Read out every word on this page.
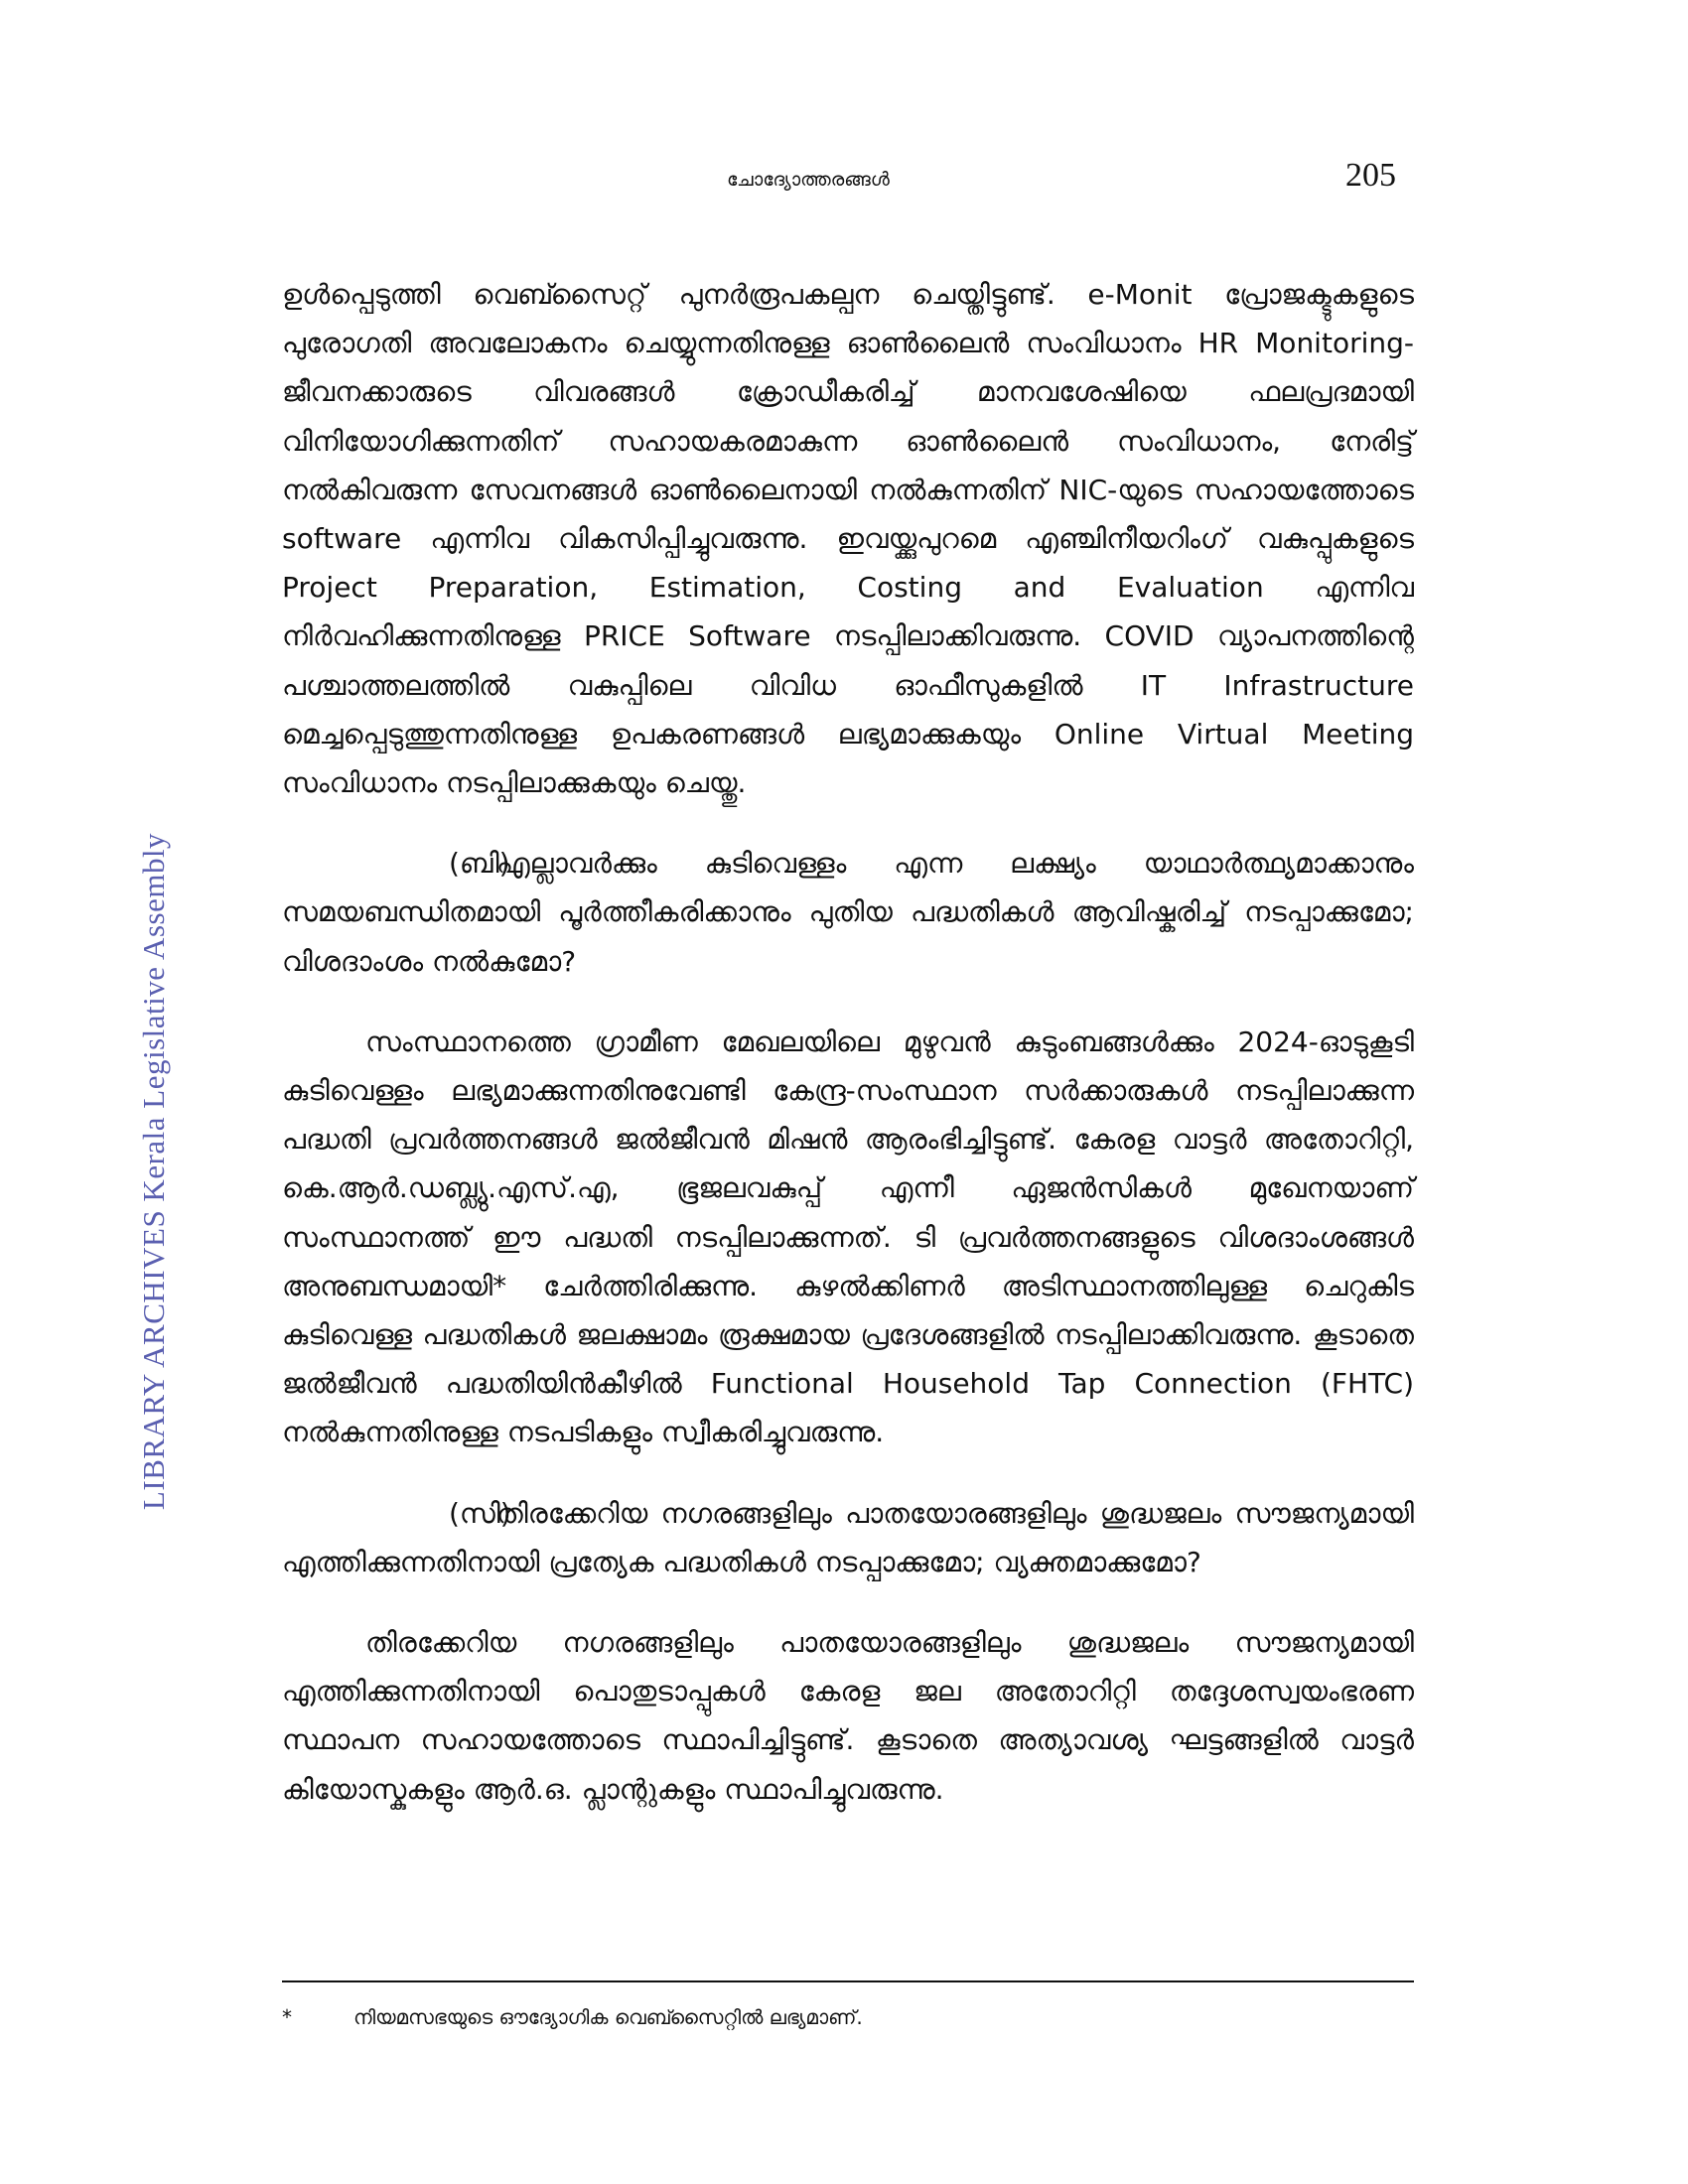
LIBRARY ARCHIVES Kerala Legislative Assembly
ചോദ്യോത്തരങ്ങൾ	205

ഉൾപ്പെടുത്തി വെബ്സൈറ്റ് പുനർരൂപകല്പന ചെയ്തിട്ടുണ്ട്. e-Monit പ്രോജക്ടുകളുടെ പുരോഗതി അവലോകനം ചെയ്യുന്നതിനുള്ള ഓൺലൈൻ സംവിധാനം HR Monitoring- ജീവനക്കാരുടെ വിവരങ്ങൾ ക്രോഡീകരിച്ച് മാനവശേഷിയെ ഫലപ്രദമായി വിനിയോഗിക്കുന്നതിന് സഹായകരമാകുന്ന ഓൺലൈൻ സംവിധാനം, നേരിട്ട് നൽകിവരുന്ന സേവനങ്ങൾ ഓൺലൈനായി നൽകുന്നതിന് NIC-യുടെ സഹായത്തോടെ software എന്നിവ വികസിപ്പിച്ചുവരുന്നു. ഇവയ്ക്കുപുറമെ എഞ്ചിനീയറിംഗ് വകുപ്പുകളുടെ Project Preparation, Estimation, Costing and Evaluation എന്നിവ നിർവഹിക്കുന്നതിനുള്ള PRICE Software നടപ്പിലാക്കിവരുന്നു. COVID വ്യാപനത്തിന്റെ പശ്ചാത്തലത്തിൽ വകുപ്പിലെ വിവിധ ഓഫീസുകളിൽ IT Infrastructure മെച്ചപ്പെടുത്തുന്നതിനുള്ള ഉപകരണങ്ങൾ ലഭ്യമാക്കുകയും Online Virtual Meeting സംവിധാനം നടപ്പിലാക്കുകയും ചെയ്തു.

(ബി)എല്ലാവർക്കും കുടിവെള്ളം എന്ന ലക്ഷ്യം യാഥാർത്ഥ്യമാക്കാനും സമയബന്ധിതമായി പൂർത്തീകരിക്കാനും പുതിയ പദ്ധതികൾ ആവിഷ്കരിച്ച് നടപ്പാക്കുമോ; വിശദാംശം നൽകുമോ?

സംസ്ഥാനത്തെ ഗ്രാമീണ മേഖലയിലെ മുഴുവൻ കുടുംബങ്ങൾക്കും 2024-ഓടുകൂടി കുടിവെള്ളം ലഭ്യമാക്കുന്നതിനുവേണ്ടി കേന്ദ്ര-സംസ്ഥാന സർക്കാരുകൾ നടപ്പിലാക്കുന്ന പദ്ധതി പ്രവർത്തനങ്ങൾ ജൽജീവൻ മിഷൻ ആരംഭിച്ചിട്ടുണ്ട്. കേരള വാട്ടർ അതോറിറ്റി, കെ.ആർ.ഡബ്ല്യു.എസ്.എ, ഭൂജലവകുപ്പ് എന്നീ ഏജൻസികൾ മുഖേനയാണ് സംസ്ഥാനത്ത് ഈ പദ്ധതി നടപ്പിലാക്കുന്നത്. ടി പ്രവർത്തനങ്ങളുടെ വിശദാംശങ്ങൾ അനുബന്ധമായി* ചേർത്തിരിക്കുന്നു. കുഴൽക്കിണർ അടിസ്ഥാനത്തിലുള്ള ചെറുകിട കുടിവെള്ള പദ്ധതികൾ ജലക്ഷാമം രൂക്ഷമായ പ്രദേശങ്ങളിൽ നടപ്പിലാക്കിവരുന്നു. കൂടാതെ ജൽജീവൻ പദ്ധതിയിൻകീഴിൽ Functional Household Tap Connection (FHTC) നൽകുന്നതിനുള്ള നടപടികളും സ്വീകരിച്ചുവരുന്നു.

(സി)തിരക്കേറിയ നഗരങ്ങളിലും പാതയോരങ്ങളിലും ശുദ്ധജലം സൗജന്യമായി എത്തിക്കുന്നതിനായി പ്രത്യേക പദ്ധതികൾ നടപ്പാക്കുമോ; വ്യക്തമാക്കുമോ?

തിരക്കേറിയ നഗരങ്ങളിലും പാതയോരങ്ങളിലും ശുദ്ധജലം സൗജന്യമായി എത്തിക്കുന്നതിനായി പൊതുടാപ്പുകൾ കേരള ജല അതോറിറ്റി തദ്ദേശസ്വയംഭരണ സ്ഥാപന സഹായത്തോടെ സ്ഥാപിച്ചിട്ടുണ്ട്. കൂടാതെ അത്യാവശ്യ ഘട്ടങ്ങളിൽ വാട്ടർ കിയോസ്കുകളും ആർ.ഒ. പ്ലാന്റുകളും സ്ഥാപിച്ചുവരുന്നു.

*	നിയമസഭയുടെ ഔദ്യോഗിക വെബ്സൈറ്റിൽ ലഭ്യമാണ്.
